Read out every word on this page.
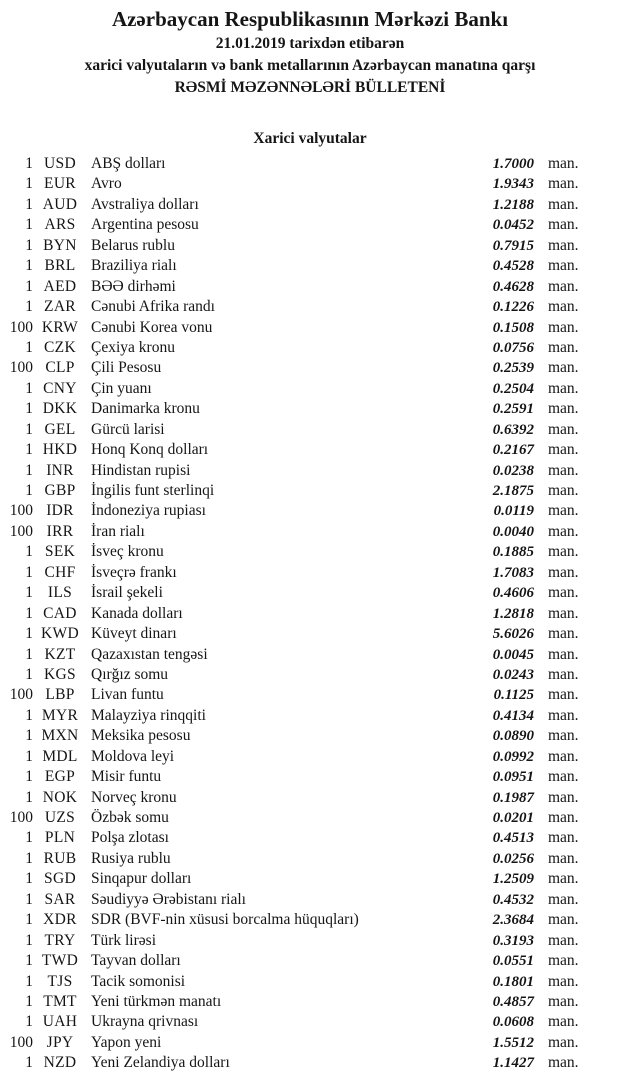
Azərbaycan Respublikasının Mərkəzi Bankı
21.01.2019 tarixdən etibarən
xarici valyutaların və bank metallarının Azərbaycan manatına qarşı
RƏSMİ MƏZƏNNƏLƏRİ BÜLLETENİ
Xarici valyutalar
1 USD ABŞ dolları	1.7000 man.
1 EUR Avro	1.9343 man.
1 AUD Avstraliya dolları	1.2188 man.
1 ARS Argentina pesosu	0.0452 man.
1 BYN Belarus rublu	0.7915 man.
1 BRL Braziliya rialı	0.4528 man.
1 AED BƏƏ dirhəmi	0.4628 man.
1 ZAR Cənubi Afrika randı	0.1226 man.
100 KRW Cənubi Korea vonu	0.1508 man.
1 CZK Çexiya kronu	0.0756 man.
100 CLP	Çili Pesosu	0.2539 man.
1 CNY Çin yuanı	0.2504 man.
1 DKK Danimarka kronu	0.2591 man.
1 GEL Gürcü larisi	0.6392 man.
1 HKD Honq Konq dolları	0.2167 man.
1 INR	Hindistan rupisi	0.0238 man.
1 GBP İngilis funt sterlinqi	2.1875 man.
100 IDR	İndoneziya rupiası	0.0119 man.
100 IRR	İran rialı	0.0040 man.
1 SEK	İsveç kronu	0.1885 man.
1 CHF İsveçrə frankı	1.7083 man.
1 ILS	İsrail şekeli	0.4606 man.
1 CAD Kanada dolları	1.2818 man.
1 KWD Küveyt dinarı	5.6026 man.
1 KZT Qazaxıstan tengəsi	0.0045 man.
1 KGS Qırğız somu	0.0243 man.
100 LBP	Livan funtu	0.1125 man.
1 MYR Malayziya rinqqiti	0.4134 man.
1 MXN Meksika pesosu	0.0890 man.
1 MDL Moldova leyi	0.0992 man.
1 EGP	Misir funtu	0.0951 man.
1 NOK Norveç kronu	0.1987 man.
100 UZS	Özbək somu	0.0201 man.
1 PLN	Polşa zlotası	0.4513 man.
1 RUB Rusiya rublu	0.0256 man.
1 SGD Sinqapur dolları	1.2509 man.
1 SAR Səudiyyə Ərəbistanı rialı	0.4532 man.
1 XDR SDR (BVF-nin xüsusi borcalma hüquqları)	2.3684 man.
1 TRY Türk lirəsi	0.3193 man.
1 TWD Tayvan dolları	0.0551 man.
1 TJS	Tacik somonisi	0.1801 man.
1 TMT Yeni türkmən manatı	0.4857 man.
1 UAH Ukrayna qrivnası	0.0608 man.
100 JPY	Yapon yeni	1.5512 man.
1 NZD Yeni Zelandiya dolları	1.1427 man.
